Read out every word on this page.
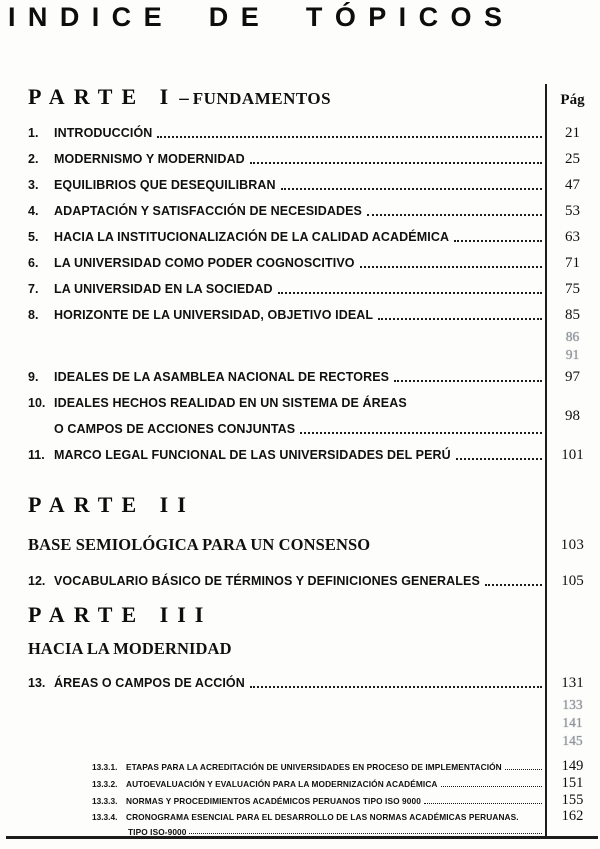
INDICE DE TÓPICOS
PARTE I – FUNDAMENTOS	Pág
1.	INTRODUCCIÓN	21
2.	MODERNISMO Y MODERNIDAD	25
3.	EQUILIBRIOS QUE DESEQUILIBRAN	47
4.	ADAPTACIÓN Y SATISFACCIÓN DE NECESIDADES	53
5.	HACIA LA INSTITUCIONALIZACIÓN DE LA CALIDAD ACADÉMICA	63
6.	LA UNIVERSIDAD COMO PODER COGNOSCITIVO	71
7.	LA UNIVERSIDAD EN LA SOCIEDAD	75
8.	HORIZONTE DE LA UNIVERSIDAD, OBJETIVO IDEAL	85
86
91
9.	IDEALES DE LA ASAMBLEA NACIONAL DE RECTORES	97
10. IDEALES HECHOS REALIDAD EN UN SISTEMA DE ÁREAS
O CAMPOS DE ACCIONES CONJUNTAS
98
11. MARCO LEGAL FUNCIONAL DE LAS UNIVERSIDADES DEL PERÚ	101
PARTE II
BASE SEMIOLÓGICA PARA UN CONSENSO	103
12. VOCABULARIO BÁSICO DE TÉRMINOS Y DEFINICIONES GENERALES	105
PARTE III
HACIA LA MODERNIDAD
13. ÁREAS O CAMPOS DE ACCIÓN	131
133
141
145
13.3.1.	ETAPAS PARA LA ACREDITACIÓN DE UNIVERSIDADES EN PROCESO DE IMPLEMENTACIÓN	149
13.3.2.	AUTOEVALUACIÓN Y EVALUACIÓN PARA LA MODERNIZACIÓN ACADÉMICA	151
13.3.3.	NORMAS Y PROCEDIMIENTOS ACADÉMICOS PERUANOS TIPO ISO 9000	155
13.3.4.	CRONOGRAMA ESENCIAL PARA EL DESARROLLO DE LAS NORMAS ACADÉMICAS PERUANAS.
TIPO ISO-9000
162
